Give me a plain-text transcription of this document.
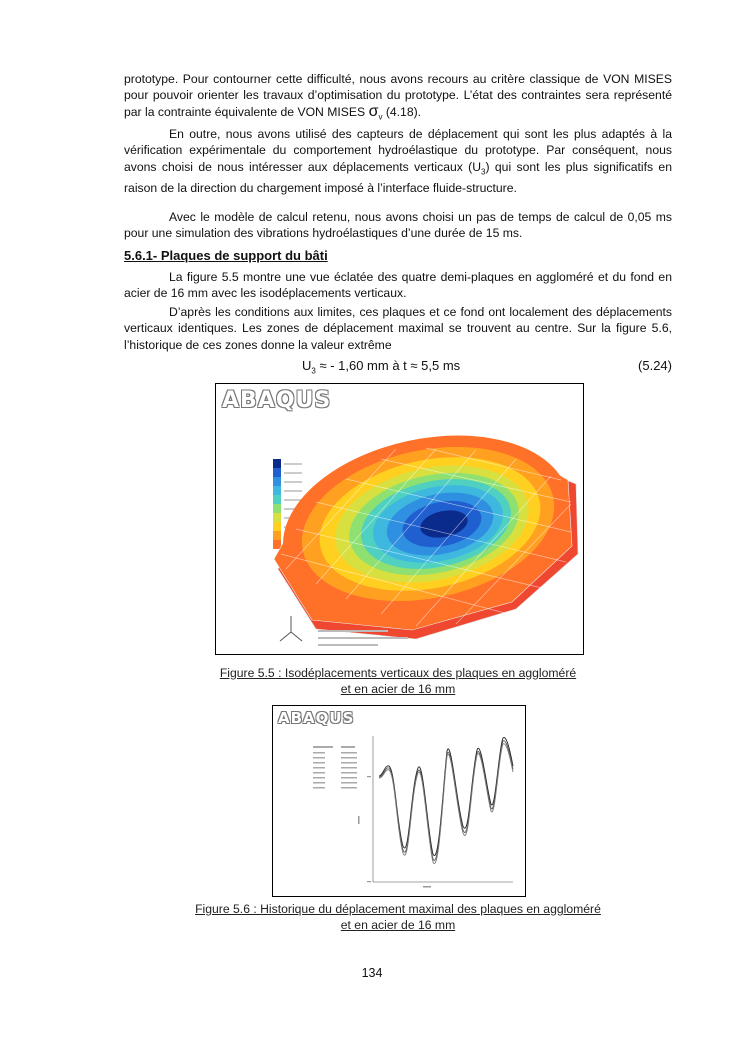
prototype. Pour contourner cette difficulté, nous avons recours au critère classique de VON MISES pour pouvoir orienter les travaux d’optimisation du prototype. L’état des contraintes sera représenté par la contrainte équivalente de VON MISES $\sigma_v$ (4.18).

En outre, nous avons utilisé des capteurs de déplacement qui sont les plus adaptés à la vérification expérimentale du comportement hydroélastique du prototype. Par conséquent, nous avons choisi de nous intéresser aux déplacements verticaux $(U_3)$ qui sont les plus significatifs en raison de la direction du chargement imposé à l’interface fluide-structure.

Avec le modèle de calcul retenu, nous avons choisi un pas de temps de calcul de 0,05 ms pour une simulation des vibrations hydroélastiques d’une durée de 15 ms.

5.6.1- Plaques de support du bâti

La figure 5.5 montre une vue éclatée des quatre demi-plaques en aggloméré et du fond en acier de 16 mm avec les isodéplacements verticaux.

D’après les conditions aux limites, ces plaques et ce fond ont localement des déplacements verticaux identiques. Les zones de déplacement maximal se trouvent au centre. Sur la figure 5.6, l’historique de ces zones donne la valeur extrême

$U_3$ ≈ - 1,60 mm à t ≈ 5,5 ms	(5.24)
ABAQUS
Figure 5.5 : Isodéplacements verticaux des plaques en aggloméré
et en acier de 16 mm
ABAQUS
Figure 5.6 : Historique du déplacement maximal des plaques en aggloméré
et en acier de 16 mm
134
